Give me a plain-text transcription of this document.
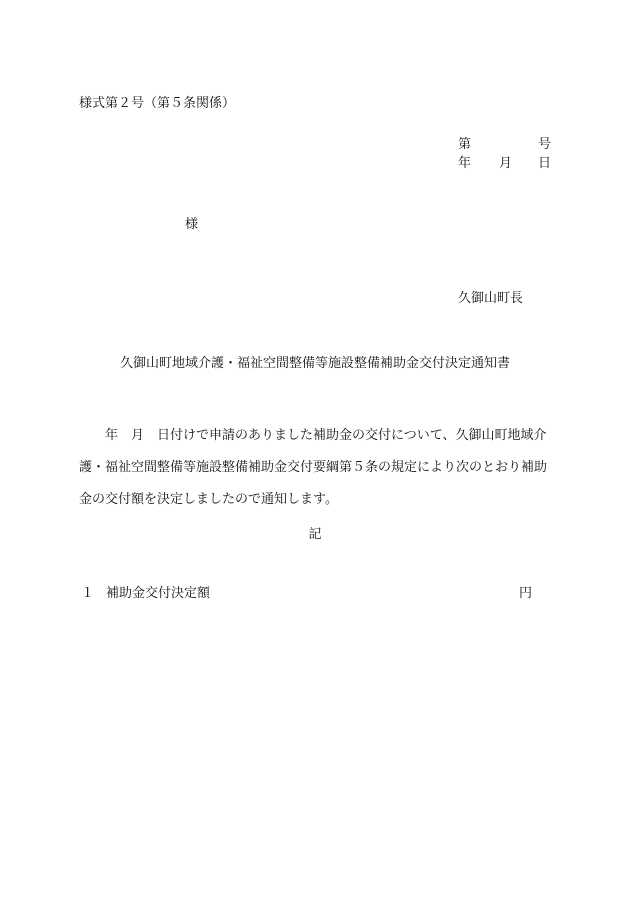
様式第２号（第５条関係）
第	号
年 月 日
様
久御山町長
久御山町地域介護・福祉空間整備等施設整備補助金交付決定通知書
　　年　月　日付けで申請のありました補助金の交付について、久御山町地域介護・福祉空間整備等施設整備補助金交付要綱第５条の規定により次のとおり補助金の交付額を決定しましたので通知します。
記
１ 補助金交付決定額	円
